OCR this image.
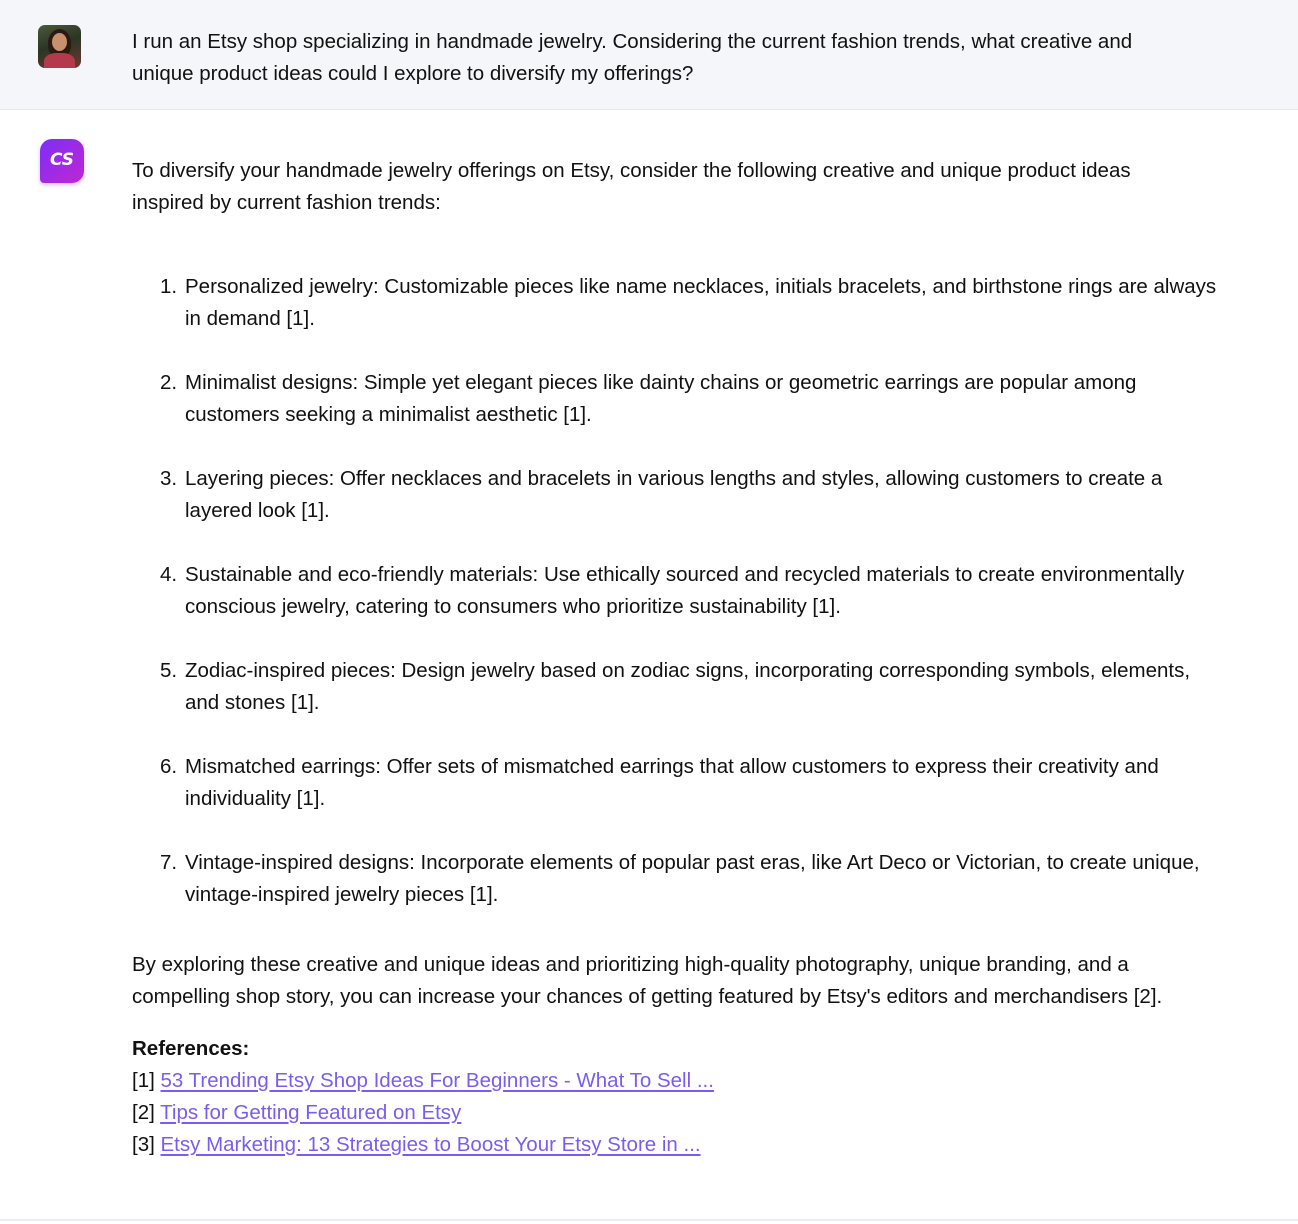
I run an Etsy shop specializing in handmade jewelry. Considering the current fashion trends, what creative and unique product ideas could I explore to diversify my offerings?

CS	To diversify your handmade jewelry offerings on Etsy, consider the following creative and unique product ideas inspired by current fashion trends:

1. Personalized jewelry: Customizable pieces like name necklaces, initials bracelets, and birthstone rings are always in demand [1].
2. Minimalist designs: Simple yet elegant pieces like dainty chains or geometric earrings are popular among customers seeking a minimalist aesthetic [1].
3. Layering pieces: Offer necklaces and bracelets in various lengths and styles, allowing customers to create a layered look [1].
4. Sustainable and eco-friendly materials: Use ethically sourced and recycled materials to create environmentally conscious jewelry, catering to consumers who prioritize sustainability [1].
5. Zodiac-inspired pieces: Design jewelry based on zodiac signs, incorporating corresponding symbols, elements, and stones [1].
6. Mismatched earrings: Offer sets of mismatched earrings that allow customers to express their creativity and individuality [1].
7. Vintage-inspired designs: Incorporate elements of popular past eras, like Art Deco or Victorian, to create unique, vintage-inspired jewelry pieces [1].

By exploring these creative and unique ideas and prioritizing high-quality photography, unique branding, and a compelling shop story, you can increase your chances of getting featured by Etsy's editors and merchandisers [2].

References:

[1] 53 Trending Etsy Shop Ideas For Beginners - What To Sell ...

[2] Tips for Getting Featured on Etsy

[3] Etsy Marketing: 13 Strategies to Boost Your Etsy Store in ...
